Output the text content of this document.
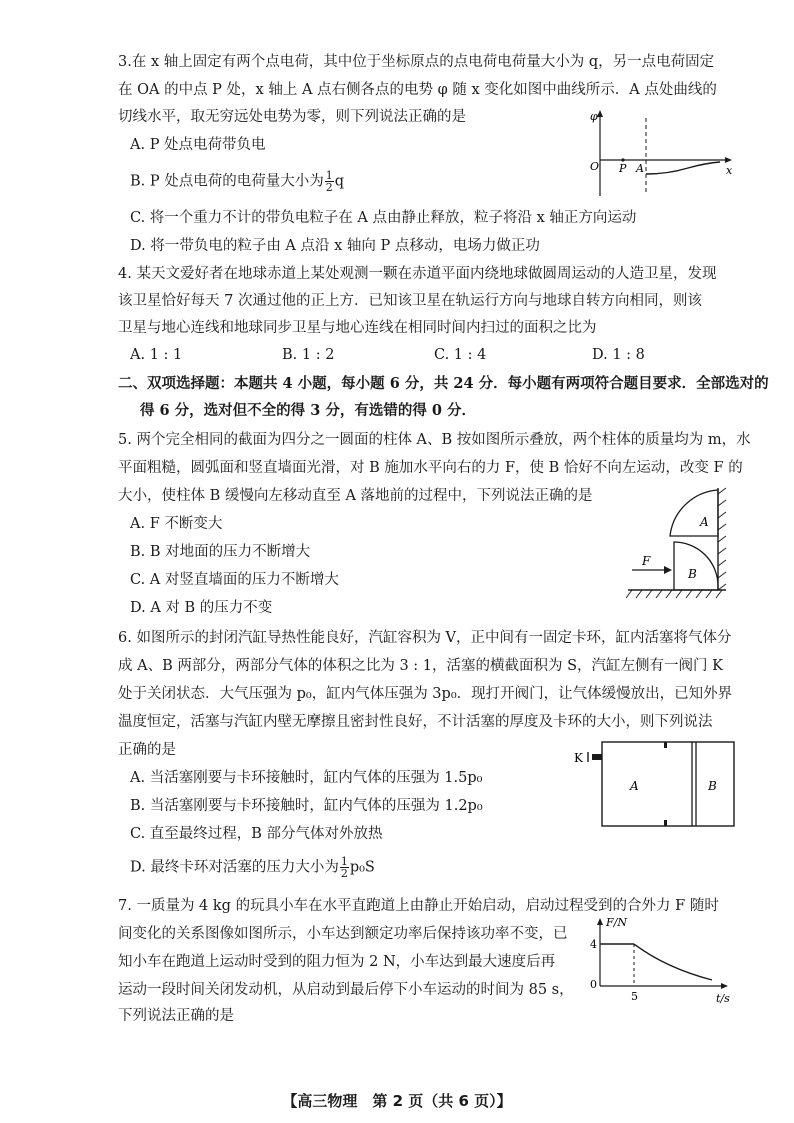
3.在 x 轴上固定有两个点电荷，其中位于坐标原点的点电荷电荷量大小为 q，另一点电荷固定
在 OA 的中点 P 处，x 轴上 A 点右侧各点的电势 φ 随 x 变化如图中曲线所示．A 点处曲线的
切线水平，取无穷远处电势为零，则下列说法正确的是
A. P 处点电荷带负电
B. P 处点电荷的电荷量大小为 $\frac{1}{2}$ q
C. 将一个重力不计的带负电粒子在 A 点由静止释放，粒子将沿 x 轴正方向运动
D. 将一带负电的粒子由 A 点沿 x 轴向 P 点移动，电场力做正功
φ
O P A	x
4. 某天文爱好者在地球赤道上某处观测一颗在赤道平面内绕地球做圆周运动的人造卫星，发现
该卫星恰好每天 7 次通过他的正上方．已知该卫星在轨运行方向与地球自转方向相同，则该
卫星与地心连线和地球同步卫星与地心连线在相同时间内扫过的面积之比为
A. 1 : 1	B. 1 : 2	C. 1 : 4	D. 1 : 8
二、双项选择题：本题共 4 小题，每小题 6 分，共 24 分．每小题有两项符合题目要求．全部选对的
得 6 分，选对但不全的得 3 分，有选错的得 0 分．
5. 两个完全相同的截面为四分之一圆面的柱体 A、B 按如图所示叠放，两个柱体的质量均为 m，水
平面粗糙，圆弧面和竖直墙面光滑，对 B 施加水平向右的力 F，使 B 恰好不向左运动，改变 F 的
大小，使柱体 B 缓慢向左移动直至 A 落地前的过程中，下列说法正确的是
A. F 不断变大
B. B 对地面的压力不断增大
C. A 对竖直墙面的压力不断增大
D. A 对 B 的压力不变
A
B
F
6. 如图所示的封闭汽缸导热性能良好，汽缸容积为 V，正中间有一固定卡环，缸内活塞将气体分
成 A、B 两部分，两部分气体的体积之比为 3 : 1，活塞的横截面积为 S，汽缸左侧有一阀门 K
处于关闭状态．大气压强为 p₀，缸内气体压强为 3p₀．现打开阀门，让气体缓慢放出，已知外界
温度恒定，活塞与汽缸内壁无摩擦且密封性良好，不计活塞的厚度及卡环的大小，则下列说法
正确的是
A. 当活塞刚要与卡环接触时，缸内气体的压强为 1.5p₀
B. 当活塞刚要与卡环接触时，缸内气体的压强为 1.2p₀
C. 直至最终过程，B 部分气体对外放热
D. 最终卡环对活塞的压力大小为 $\frac{1}{2} p_0S$
K
A	B
7. 一质量为 4 kg 的玩具小车在水平直跑道上由静止开始启动，启动过程受到的合外力 F 随时
间变化的关系图像如图所示，小车达到额定功率后保持该功率不变，已
知小车在跑道上运动时受到的阻力恒为 2 N，小车达到最大速度后再
运动一段时间关闭发动机，从启动到最后停下小车运动的时间为 85 s，
下列说法正确的是
F/N
4
0
5	t/s
【高三物理　第 2 页（共 6 页）】
